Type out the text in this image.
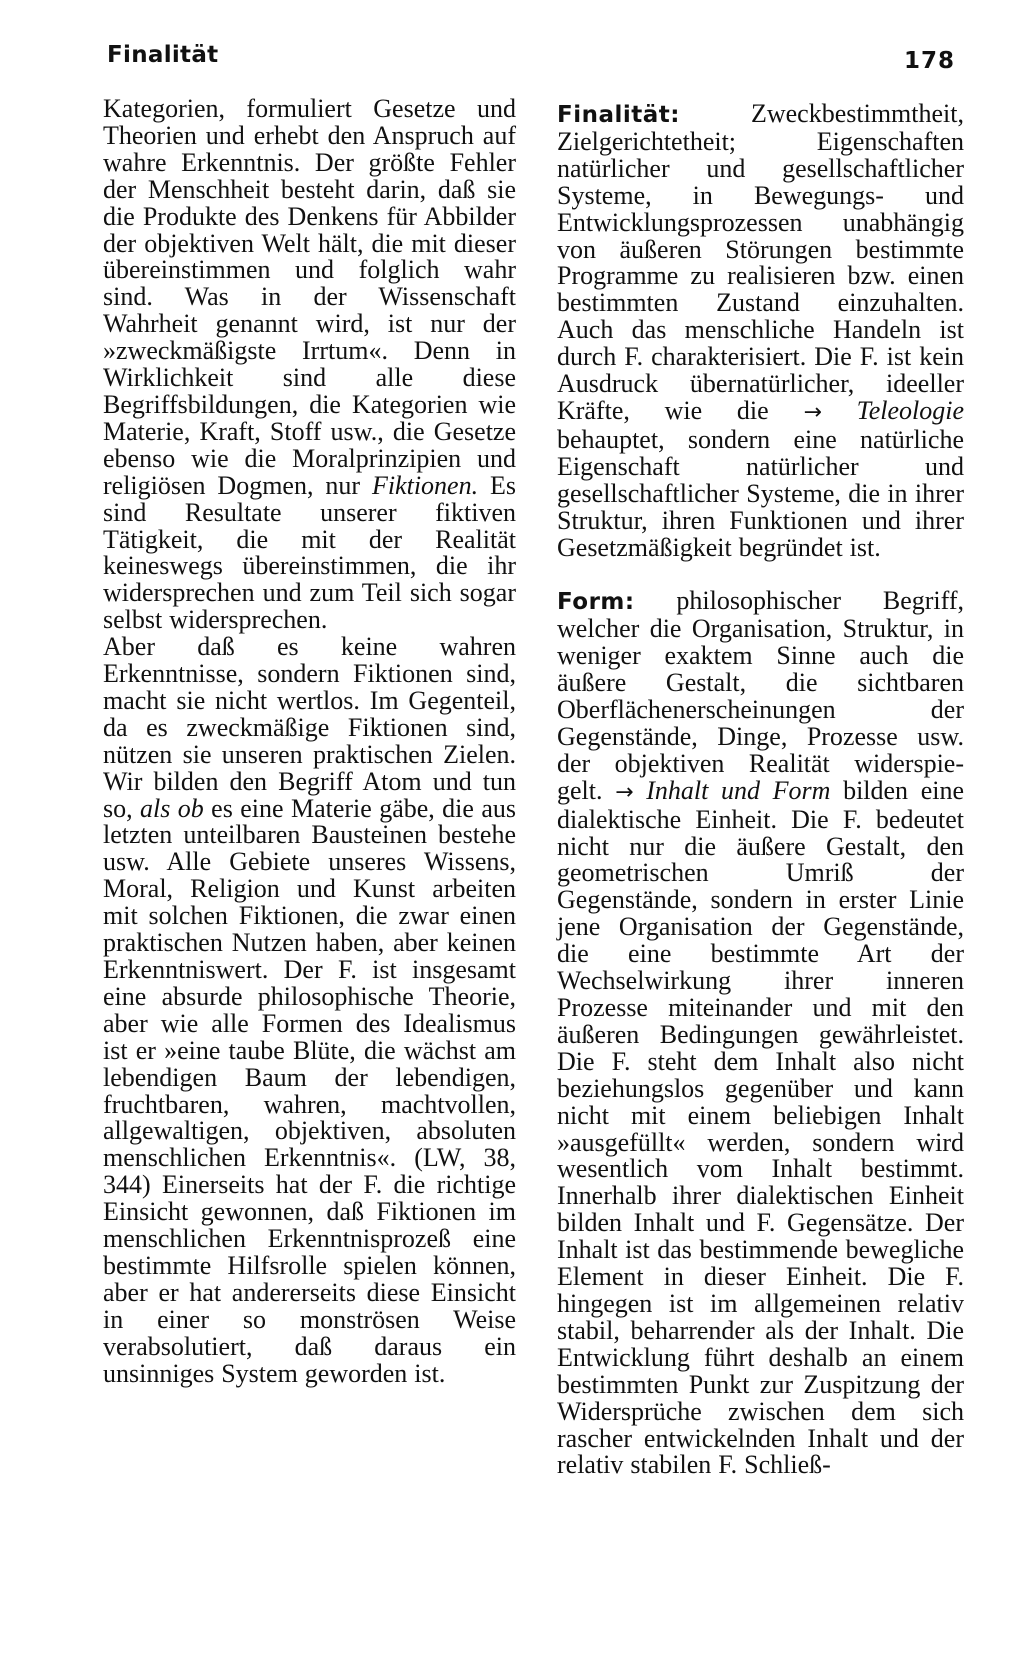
Finalität	178

Kategorien, formuliert Gesetze und Theorien und erhebt den Anspruch auf wahre Erkenntnis. Der größte Fehler der Menschheit besteht darin, daß sie die Produkte des Denkens für Abbilder der objektiven Welt hält, die mit dieser übereinstimmen und folglich wahr sind. Was in der Wissenschaft Wahrheit genannt wird, ist nur der »zweckmäßigste Irrtum«. Denn in Wirklichkeit sind alle diese Begriffsbildungen, die Kategorien wie Materie, Kraft, Stoff usw., die Gesetze ebenso wie die Moralprinzipien und religiösen Dogmen, nur Fiktionen. Es sind Resultate unserer fiktiven Tätigkeit, die mit der Realität keineswegs übereinstimmen, die ihr widersprechen und zum Teil sich sogar selbst widersprechen.

Aber daß es keine wahren Erkenntnisse, sondern Fiktionen sind, macht sie nicht wertlos. Im Gegenteil, da es zweckmäßige Fiktionen sind, nützen sie unseren praktischen Zielen. Wir bilden den Begriff Atom und tun so, als ob es eine Materie gäbe, die aus letzten unteilbaren Bausteinen bestehe usw. Alle Gebiete unseres Wissens, Moral, Religion und Kunst arbeiten mit solchen Fiktionen, die zwar einen praktischen Nutzen haben, aber keinen Erkenntniswert. Der F. ist insgesamt eine absurde philosophische Theorie, aber wie alle Formen des Idealismus ist er »eine taube Blüte, die wächst am lebendigen Baum der lebendigen, fruchtbaren, wahren, machtvollen, allgewaltigen, objektiven, absoluten menschlichen Erkenntnis«. (LW, 38, 344) Einerseits hat der F. die richtige Einsicht gewonnen, daß Fiktionen im menschlichen Erkenntnisprozeß eine bestimmte Hilfsrolle spielen können, aber er hat andererseits diese Einsicht in einer so monströsen Weise verabsolutiert, daß daraus ein unsinniges System geworden ist.

Finalität: Zweckbestimmtheit, Zielgerichtetheit; Eigenschaften natürlicher und gesellschaftlicher Systeme, in Bewegungs- und Entwicklungsprozessen unabhängig von äußeren Störungen bestimmte Programme zu realisieren bzw. einen bestimmten Zustand einzuhalten. Auch das menschliche Handeln ist durch F. charakterisiert. Die F. ist kein Ausdruck übernatürlicher, ideeller Kräfte, wie die → Teleologie behauptet, sondern eine natürliche Eigenschaft natürlicher und gesellschaftlicher Systeme, die in ihrer Struktur, ihren Funktionen und ihrer Gesetzmäßigkeit begründet ist.

Form: philosophischer Begriff, welcher die Organisation, Struktur, in weniger exaktem Sinne auch die äußere Gestalt, die sichtbaren Oberflächenerscheinungen der Gegenstände, Dinge, Prozesse usw. der objektiven Realität widerspie- gelt. → Inhalt und Form bilden eine dialektische Einheit. Die F. bedeutet nicht nur die äußere Gestalt, den geometrischen Umriß der Gegenstände, sondern in erster Linie jene Organisation der Gegenstände, die eine bestimmte Art der Wechselwirkung ihrer inneren Prozesse miteinander und mit den äußeren Bedingungen gewährleistet. Die F. steht dem Inhalt also nicht beziehungslos gegenüber und kann nicht mit einem beliebigen Inhalt »ausgefüllt« werden, sondern wird wesentlich vom Inhalt bestimmt. Innerhalb ihrer dialektischen Einheit bilden Inhalt und F. Gegensätze. Der Inhalt ist das bestimmende bewegliche Element in dieser Einheit. Die F. hingegen ist im allgemeinen relativ stabil, beharrender als der Inhalt. Die Entwicklung führt deshalb an einem bestimmten Punkt zur Zuspitzung der Widersprüche zwischen dem sich rascher entwickelnden Inhalt und der relativ stabilen F. Schließ-
